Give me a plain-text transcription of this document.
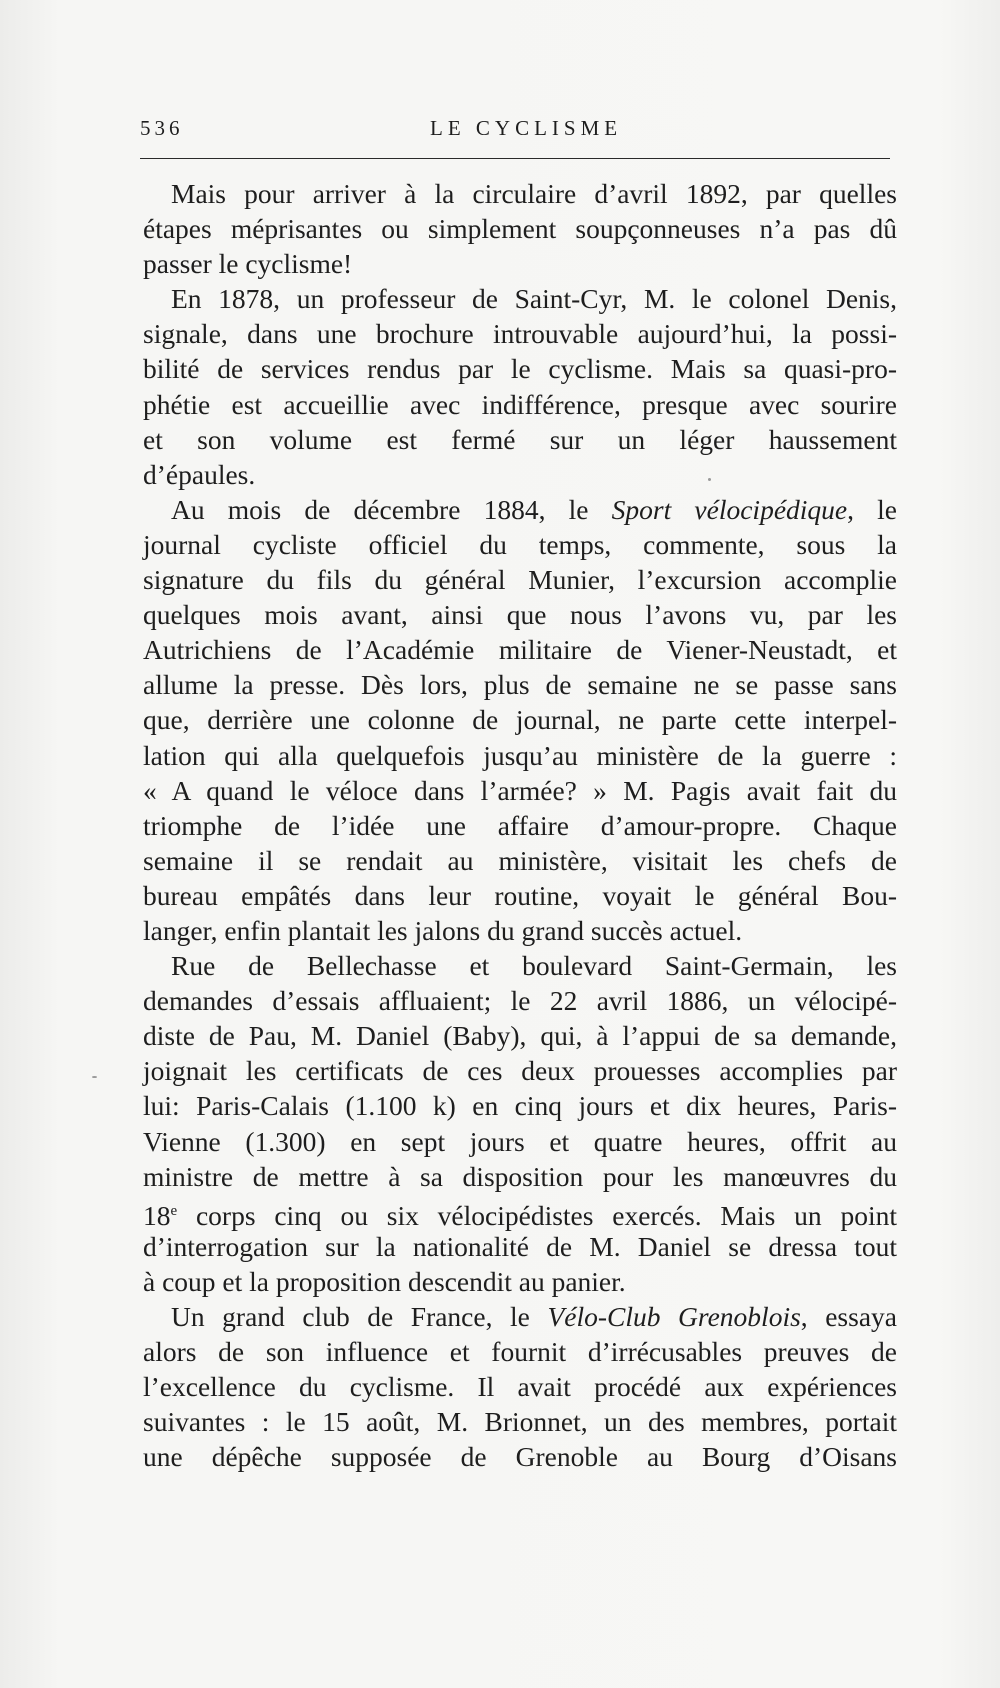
536	LE CYCLISME
Mais pour arriver à la circulaire d’avril 1892, par quelles
étapes méprisantes ou simplement soupçonneuses n’a pas dû
passer le cyclisme!
En 1878, un professeur de Saint-Cyr, M. le colonel Denis,
signale, dans une brochure introuvable aujourd’hui, la possi-
bilité de services rendus par le cyclisme. Mais sa quasi-pro-
phétie est accueillie avec indifférence, presque avec sourire
et son volume est fermé sur un léger haussement
d’épaules.
Au mois de décembre 1884, le Sport vélocipédique, le
journal cycliste officiel du temps, commente, sous la
signature du fils du général Munier, l’excursion accomplie
quelques mois avant, ainsi que nous l’avons vu, par les
Autrichiens de l’Académie militaire de Viener-Neustadt, et
allume la presse. Dès lors, plus de semaine ne se passe sans
que, derrière une colonne de journal, ne parte cette interpel-
lation qui alla quelquefois jusqu’au ministère de la guerre :
« A quand le véloce dans l’armée? » M. Pagis avait fait du
triomphe de l’idée une affaire d’amour-propre. Chaque
semaine il se rendait au ministère, visitait les chefs de
bureau empâtés dans leur routine, voyait le général Bou-
langer, enfin plantait les jalons du grand succès actuel.
Rue de Bellechasse et boulevard Saint-Germain, les
demandes d’essais affluaient; le 22 avril 1886, un vélocipé-
diste de Pau, M. Daniel (Baby), qui, à l’appui de sa demande,
joignait les certificats de ces deux prouesses accomplies par
lui: Paris-Calais (1.100 k) en cinq jours et dix heures, Paris-
Vienne (1.300) en sept jours et quatre heures, offrit au
ministre de mettre à sa disposition pour les manœuvres du
18e corps cinq ou six vélocipédistes exercés. Mais un point
d’interrogation sur la nationalité de M. Daniel se dressa tout
à coup et la proposition descendit au panier.
Un grand club de France, le Vélo-Club Grenoblois, essaya
alors de son influence et fournit d’irrécusables preuves de
l’excellence du cyclisme. Il avait procédé aux expériences
suivantes : le 15 août, M. Brionnet, un des membres, portait
une dépêche supposée de Grenoble au Bourg d’Oisans
